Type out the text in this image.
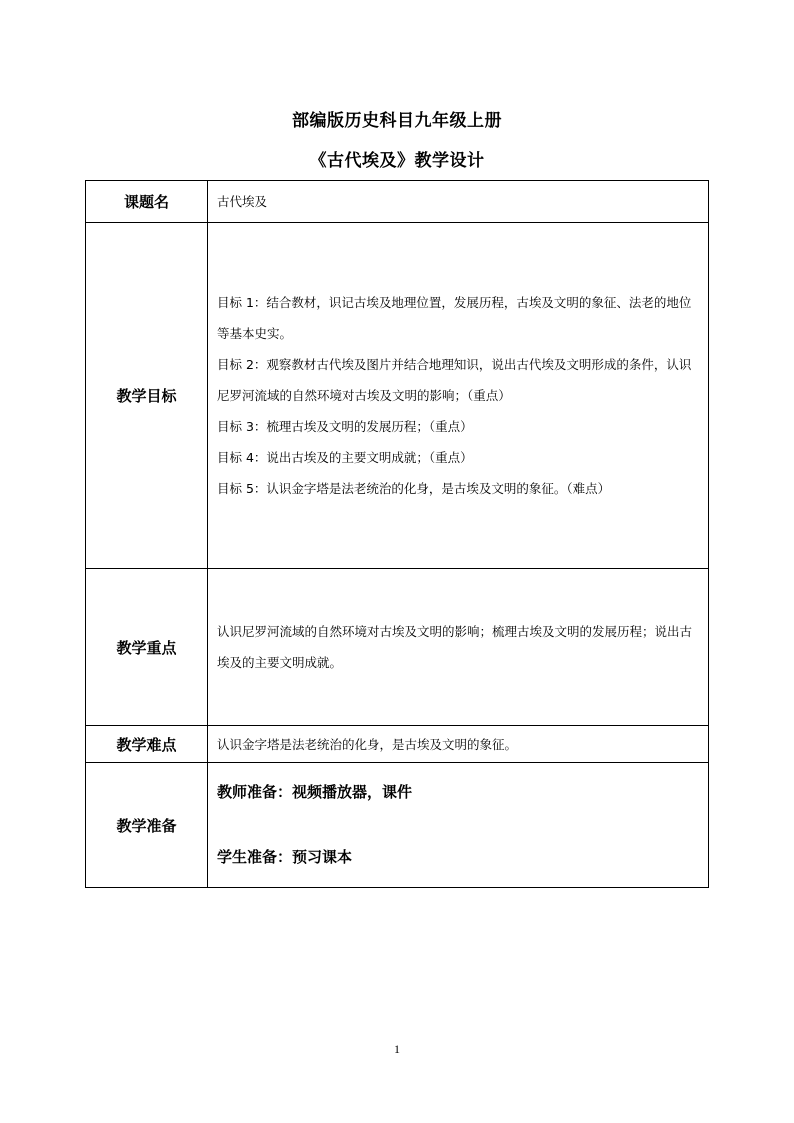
部编版历史科目九年级上册
《古代埃及》教学设计
课题名	古代埃及
教学目标	目标 1：结合教材，识记古埃及地理位置，发展历程，古埃及文明的象征、法老的地位等基本史实。
目标 2：观察教材古代埃及图片并结合地理知识，说出古代埃及文明形成的条件，认识尼罗河流域的自然环境对古埃及文明的影响；（重点）
目标 3：梳理古埃及文明的发展历程；（重点）
目标 4：说出古埃及的主要文明成就；（重点）
目标 5：认识金字塔是法老统治的化身，是古埃及文明的象征。（难点）

教学重点	认识尼罗河流域的自然环境对古埃及文明的影响；梳理古埃及文明的发展历程；说出古埃及的主要文明成就。
教学难点	认识金字塔是法老统治的化身，是古埃及文明的象征。
教学准备	教师准备：视频播放器，课件
学生准备：预习课本
1
